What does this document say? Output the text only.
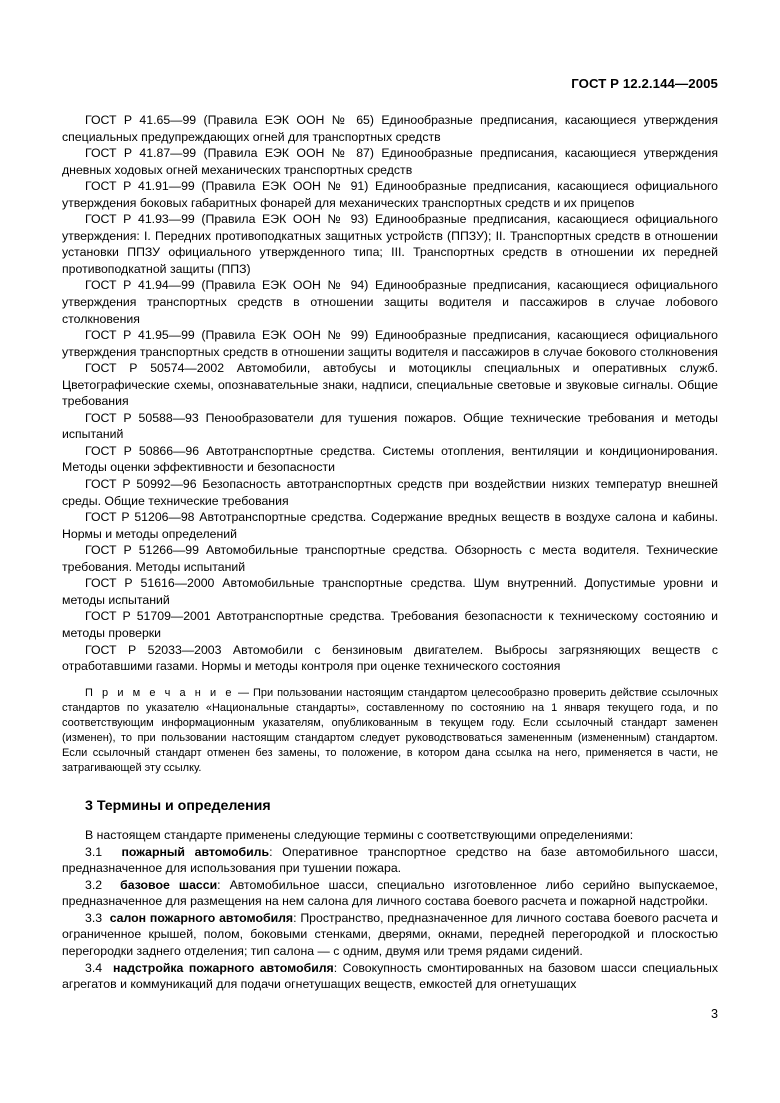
ГОСТ Р 12.2.144—2005

ГОСТ Р 41.65—99 (Правила ЕЭК ООН № 65) Единообразные предписания, касающиеся утверждения специальных предупреждающих огней для транспортных средств

ГОСТ Р 41.87—99 (Правила ЕЭК ООН № 87) Единообразные предписания, касающиеся утверждения дневных ходовых огней механических транспортных средств

ГОСТ Р 41.91—99 (Правила ЕЭК ООН № 91) Единообразные предписания, касающиеся официального утверждения боковых габаритных фонарей для механических транспортных средств и их прицепов

ГОСТ Р 41.93—99 (Правила ЕЭК ООН № 93) Единообразные предписания, касающиеся официального утверждения: I. Передних противоподкатных защитных устройств (ППЗУ); II. Транспортных средств в отношении установки ППЗУ официального утвержденного типа; III. Транспортных средств в отношении их передней противоподкатной защиты (ППЗ)

ГОСТ Р 41.94—99 (Правила ЕЭК ООН № 94) Единообразные предписания, касающиеся официального утверждения транспортных средств в отношении защиты водителя и пассажиров в случае лобового столкновения

ГОСТ Р 41.95—99 (Правила ЕЭК ООН № 99) Единообразные предписания, касающиеся официального утверждения транспортных средств в отношении защиты водителя и пассажиров в случае бокового столкновения

ГОСТ Р 50574—2002 Автомобили, автобусы и мотоциклы специальных и оперативных служб. Цветографические схемы, опознавательные знаки, надписи, специальные световые и звуковые сигналы. Общие требования

ГОСТ Р 50588—93 Пенообразователи для тушения пожаров. Общие технические требования и методы испытаний

ГОСТ Р 50866—96 Автотранспортные средства. Системы отопления, вентиляции и кондиционирования. Методы оценки эффективности и безопасности

ГОСТ Р 50992—96 Безопасность автотранспортных средств при воздействии низких температур внешней среды. Общие технические требования

ГОСТ Р 51206—98 Автотранспортные средства. Содержание вредных веществ в воздухе салона и кабины. Нормы и методы определений

ГОСТ Р 51266—99 Автомобильные транспортные средства. Обзорность с места водителя. Технические требования. Методы испытаний

ГОСТ Р 51616—2000 Автомобильные транспортные средства. Шум внутренний. Допустимые уровни и методы испытаний

ГОСТ Р 51709—2001 Автотранспортные средства. Требования безопасности к техническому состоянию и методы проверки

ГОСТ Р 52033—2003 Автомобили с бензиновым двигателем. Выбросы загрязняющих веществ с отработавшими газами. Нормы и методы контроля при оценке технического состояния

П р и м е ч а н и е — При пользовании настоящим стандартом целесообразно проверить действие ссылочных стандартов по указателю «Национальные стандарты», составленному по состоянию на 1 января текущего года, и по соответствующим информационным указателям, опубликованным в текущем году. Если ссылочный стандарт заменен (изменен), то при пользовании настоящим стандартом следует руководствоваться замененным (измененным) стандартом. Если ссылочный стандарт отменен без замены, то положение, в котором дана ссылка на него, применяется в части, не затрагивающей эту ссылку.

3 Термины и определения

В настоящем стандарте применены следующие термины с соответствующими определениями:

3.1 пожарный автомобиль: Оперативное транспортное средство на базе автомобильного шасси, предназначенное для использования при тушении пожара.

3.2 базовое шасси: Автомобильное шасси, специально изготовленное либо серийно выпускаемое, предназначенное для размещения на нем салона для личного состава боевого расчета и пожарной надстройки.

3.3 салон пожарного автомобиля: Пространство, предназначенное для личного состава боевого расчета и ограниченное крышей, полом, боковыми стенками, дверями, окнами, передней перегородкой и плоскостью перегородки заднего отделения; тип салона — с одним, двумя или тремя рядами сидений.

3.4 надстройка пожарного автомобиля: Совокупность смонтированных на базовом шасси специальных агрегатов и коммуникаций для подачи огнетушащих веществ, емкостей для огнетушащих

3
